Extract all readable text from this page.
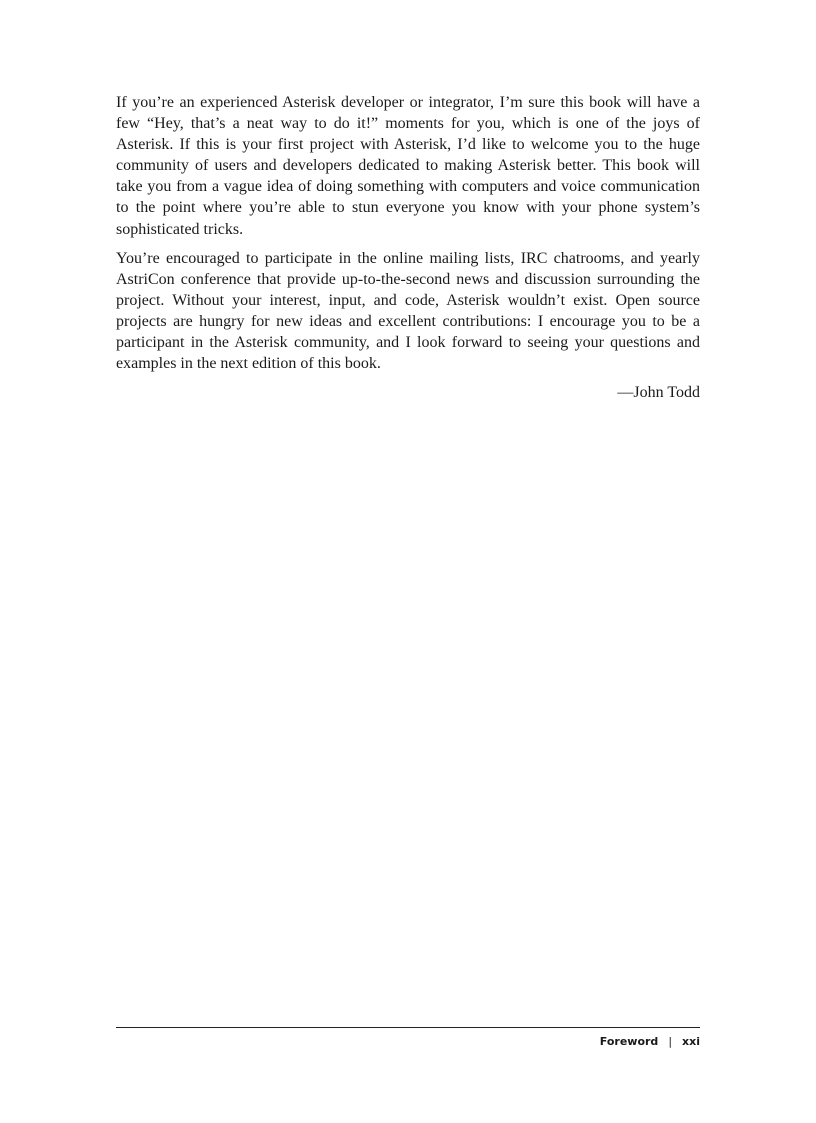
If you’re an experienced Asterisk developer or integrator, I’m sure this book will have a few “Hey, that’s a neat way to do it!” moments for you, which is one of the joys of Asterisk. If this is your first project with Asterisk, I’d like to welcome you to the huge community of users and developers dedicated to making Asterisk better. This book will take you from a vague idea of doing something with computers and voice communication to the point where you’re able to stun everyone you know with your phone system’s sophisticated tricks.

You’re encouraged to participate in the online mailing lists, IRC chatrooms, and yearly AstriCon conference that provide up-to-the-second news and discussion surrounding the project. Without your interest, input, and code, Asterisk wouldn’t exist. Open source projects are hungry for new ideas and excellent contributions: I encourage you to be a participant in the Asterisk community, and I look forward to seeing your questions and examples in the next edition of this book.

—John Todd

Foreword | xxi
